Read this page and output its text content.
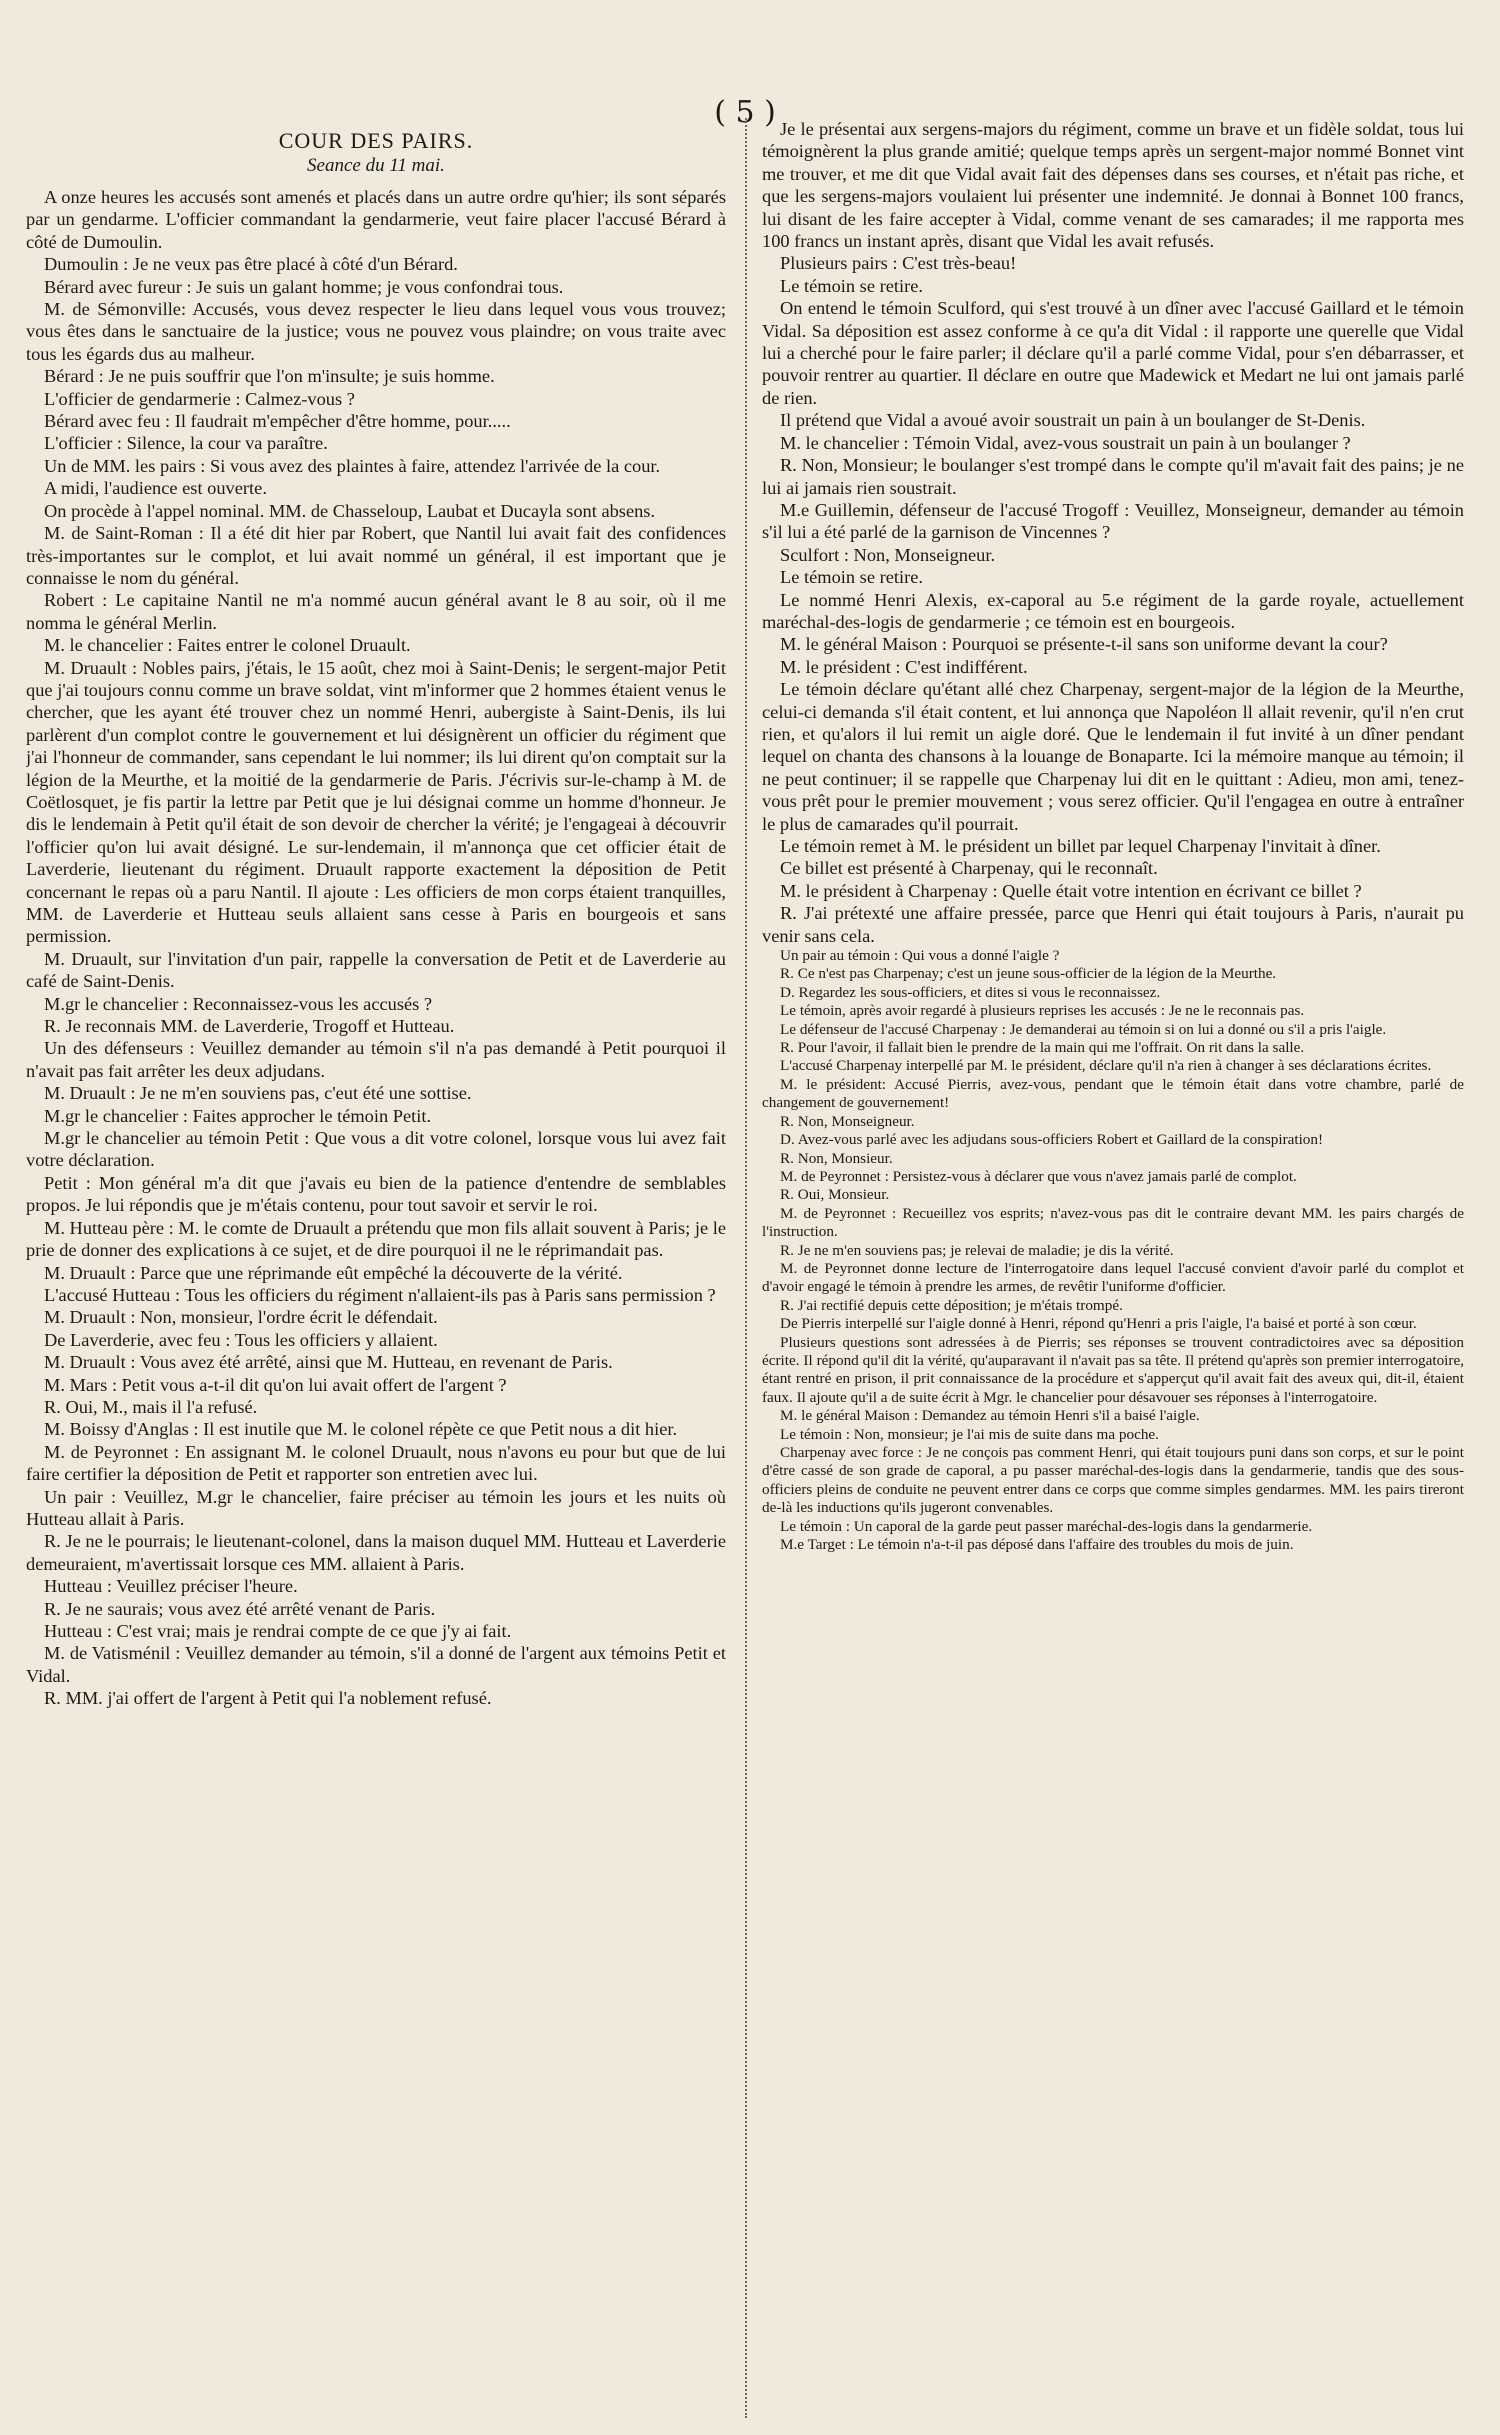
( 5 )
COUR DES PAIRS.
Seance du 11 mai.

A onze heures les accusés sont amenés et placés dans un autre ordre qu'hier; ils sont séparés par un gendarme. L'officier commandant la gendarmerie, veut faire placer l'accusé Bérard à côté de Dumoulin.

Dumoulin : Je ne veux pas être placé à côté d'un Bérard.

Bérard avec fureur : Je suis un galant homme; je vous confondrai tous.

M. de Sémonville: Accusés, vous devez respecter le lieu dans lequel vous vous trouvez; vous êtes dans le sanctuaire de la justice; vous ne pouvez vous plaindre; on vous traite avec tous les égards dus au malheur.

Bérard : Je ne puis souffrir que l'on m'insulte; je suis homme.

L'officier de gendarmerie : Calmez-vous ?

Bérard avec feu : Il faudrait m'empêcher d'être homme, pour.....

L'officier : Silence, la cour va paraître.

Un de MM. les pairs : Si vous avez des plaintes à faire, attendez l'arrivée de la cour.

A midi, l'audience est ouverte.

On procède à l'appel nominal. MM. de Chasseloup, Laubat et Ducayla sont absens.

M. de Saint-Roman : Il a été dit hier par Robert, que Nantil lui avait fait des confidences très-importantes sur le complot, et lui avait nommé un général, il est important que je connaisse le nom du général.

Robert : Le capitaine Nantil ne m'a nommé aucun général avant le 8 au soir, où il me nomma le général Merlin.

M. le chancelier : Faites entrer le colonel Druault.

M. Druault : Nobles pairs, j'étais, le 15 août, chez moi à Saint-Denis; le sergent-major Petit que j'ai toujours connu comme un brave soldat, vint m'informer que 2 hommes étaient venus le chercher, que les ayant été trouver chez un nommé Henri, aubergiste à Saint-Denis, ils lui parlèrent d'un complot contre le gouvernement et lui désignèrent un officier du régiment que j'ai l'honneur de commander, sans cependant le lui nommer; ils lui dirent qu'on comptait sur la légion de la Meurthe, et la moitié de la gendarmerie de Paris. J'écrivis sur-le-champ à M. de Coëtlosquet, je fis partir la lettre par Petit que je lui désignai comme un homme d'honneur. Je dis le lendemain à Petit qu'il était de son devoir de chercher la vérité; je l'engageai à découvrir l'officier qu'on lui avait désigné. Le sur-lendemain, il m'annonça que cet officier était de Laverderie, lieutenant du régiment. Druault rapporte exactement la déposition de Petit concernant le repas où a paru Nantil. Il ajoute : Les officiers de mon corps étaient tranquilles, MM. de Laverderie et Hutteau seuls allaient sans cesse à Paris en bourgeois et sans permission.

M. Druault, sur l'invitation d'un pair, rappelle la conversation de Petit et de Laverderie au café de Saint-Denis.

M.gr le chancelier : Reconnaissez-vous les accusés ?

R. Je reconnais MM. de Laverderie, Trogoff et Hutteau.

Un des défenseurs : Veuillez demander au témoin s'il n'a pas demandé à Petit pourquoi il n'avait pas fait arrêter les deux adjudans.

M. Druault : Je ne m'en souviens pas, c'eut été une sottise.

M.gr le chancelier : Faites approcher le témoin Petit.

M.gr le chancelier au témoin Petit : Que vous a dit votre colonel, lorsque vous lui avez fait votre déclaration.

Petit : Mon général m'a dit que j'avais eu bien de la patience d'entendre de semblables propos. Je lui répondis que je m'étais contenu, pour tout savoir et servir le roi.

M. Hutteau père : M. le comte de Druault a prétendu que mon fils allait souvent à Paris; je le prie de donner des explications à ce sujet, et de dire pourquoi il ne le réprimandait pas.

M. Druault : Parce que une réprimande eût empêché la découverte de la vérité.

L'accusé Hutteau : Tous les officiers du régiment n'allaient-ils pas à Paris sans permission ?

M. Druault : Non, monsieur, l'ordre écrit le défendait.

De Laverderie, avec feu : Tous les officiers y allaient.

M. Druault : Vous avez été arrêté, ainsi que M. Hutteau, en revenant de Paris.

M. Mars : Petit vous a-t-il dit qu'on lui avait offert de l'argent ?

R. Oui, M., mais il l'a refusé.

M. Boissy d'Anglas : Il est inutile que M. le colonel répète ce que Petit nous a dit hier.

M. de Peyronnet : En assignant M. le colonel Druault, nous n'avons eu pour but que de lui faire certifier la déposition de Petit et rapporter son entretien avec lui.

Un pair : Veuillez, M.gr le chancelier, faire préciser au témoin les jours et les nuits où Hutteau allait à Paris.

R. Je ne le pourrais; le lieutenant-colonel, dans la maison duquel MM. Hutteau et Laverderie demeuraient, m'avertissait lorsque ces MM. allaient à Paris.

Hutteau : Veuillez préciser l'heure.

R. Je ne saurais; vous avez été arrêté venant de Paris.

Hutteau : C'est vrai; mais je rendrai compte de ce que j'y ai fait.

M. de Vatisménil : Veuillez demander au témoin, s'il a donné de l'argent aux témoins Petit et Vidal.

R. MM. j'ai offert de l'argent à Petit qui l'a noblement refusé.

Je le présentai aux sergens-majors du régiment, comme un brave et un fidèle soldat, tous lui témoignèrent la plus grande amitié; quelque temps après un sergent-major nommé Bonnet vint me trouver, et me dit que Vidal avait fait des dépenses dans ses courses, et n'était pas riche, et que les sergens-majors voulaient lui présenter une indemnité. Je donnai à Bonnet 100 francs, lui disant de les faire accepter à Vidal, comme venant de ses camarades; il me rapporta mes 100 francs un instant après, disant que Vidal les avait refusés.

Plusieurs pairs : C'est très-beau!

Le témoin se retire.

On entend le témoin Sculford, qui s'est trouvé à un dîner avec l'accusé Gaillard et le témoin Vidal. Sa déposition est assez conforme à ce qu'a dit Vidal : il rapporte une querelle que Vidal lui a cherché pour le faire parler; il déclare qu'il a parlé comme Vidal, pour s'en débarrasser, et pouvoir rentrer au quartier. Il déclare en outre que Madewick et Medart ne lui ont jamais parlé de rien.

Il prétend que Vidal a avoué avoir soustrait un pain à un boulanger de St-Denis.

M. le chancelier : Témoin Vidal, avez-vous soustrait un pain à un boulanger ?

R. Non, Monsieur; le boulanger s'est trompé dans le compte qu'il m'avait fait des pains; je ne lui ai jamais rien soustrait.

M.e Guillemin, défenseur de l'accusé Trogoff : Veuillez, Monseigneur, demander au témoin s'il lui a été parlé de la garnison de Vincennes ?

Sculfort : Non, Monseigneur.

Le témoin se retire.

Le nommé Henri Alexis, ex-caporal au 5.e régiment de la garde royale, actuellement maréchal-des-logis de gendarmerie ; ce témoin est en bourgeois.

M. le général Maison : Pourquoi se présente-t-il sans son uniforme devant la cour?

M. le président : C'est indifférent.

Le témoin déclare qu'étant allé chez Charpenay, sergent-major de la légion de la Meurthe, celui-ci demanda s'il était content, et lui annonça que Napoléon ll allait revenir, qu'il n'en crut rien, et qu'alors il lui remit un aigle doré. Que le lendemain il fut invité à un dîner pendant lequel on chanta des chansons à la louange de Bonaparte. Ici la mémoire manque au témoin; il ne peut continuer; il se rappelle que Charpenay lui dit en le quittant : Adieu, mon ami, tenez-vous prêt pour le premier mouvement ; vous serez officier. Qu'il l'engagea en outre à entraîner le plus de camarades qu'il pourrait.

Le témoin remet à M. le président un billet par lequel Charpenay l'invitait à dîner.

Ce billet est présenté à Charpenay, qui le reconnaît.

M. le président à Charpenay : Quelle était votre intention en écrivant ce billet ?

R. J'ai prétexté une affaire pressée, parce que Henri qui était toujours à Paris, n'aurait pu venir sans cela.

Un pair au témoin : Qui vous a donné l'aigle ?

R. Ce n'est pas Charpenay; c'est un jeune sous-officier de la légion de la Meurthe.

D. Regardez les sous-officiers, et dites si vous le reconnaissez.

Le témoin, après avoir regardé à plusieurs reprises les accusés : Je ne le reconnais pas.

Le défenseur de l'accusé Charpenay : Je demanderai au témoin si on lui a donné ou s'il a pris l'aigle.

R. Pour l'avoir, il fallait bien le prendre de la main qui me l'offrait. On rit dans la salle.

L'accusé Charpenay interpellé par M. le président, déclare qu'il n'a rien à changer à ses déclarations écrites.

M. le président: Accusé Pierris, avez-vous, pendant que le témoin était dans votre chambre, parlé de changement de gouvernement!

R. Non, Monseigneur.

D. Avez-vous parlé avec les adjudans sous-officiers Robert et Gaillard de la conspiration!

R. Non, Monsieur.

M. de Peyronnet : Persistez-vous à déclarer que vous n'avez jamais parlé de complot.

R. Oui, Monsieur.

M. de Peyronnet : Recueillez vos esprits; n'avez-vous pas dit le contraire devant MM. les pairs chargés de l'instruction.

R. Je ne m'en souviens pas; je relevai de maladie; je dis la vérité.

M. de Peyronnet donne lecture de l'interrogatoire dans lequel l'accusé convient d'avoir parlé du complot et d'avoir engagé le témoin à prendre les armes, de revêtir l'uniforme d'officier.

R. J'ai rectifié depuis cette déposition; je m'étais trompé.

De Pierris interpellé sur l'aigle donné à Henri, répond qu'Henri a pris l'aigle, l'a baisé et porté à son cœur.

Plusieurs questions sont adressées à de Pierris; ses réponses se trouvent contradictoires avec sa déposition écrite. Il répond qu'il dit la vérité, qu'auparavant il n'avait pas sa tête. Il prétend qu'après son premier interrogatoire, étant rentré en prison, il prit connaissance de la procédure et s'apperçut qu'il avait fait des aveux qui, dit-il, étaient faux. Il ajoute qu'il a de suite écrit à Mgr. le chancelier pour désavouer ses réponses à l'interrogatoire.

M. le général Maison : Demandez au témoin Henri s'il a baisé l'aigle.

Le témoin : Non, monsieur; je l'ai mis de suite dans ma poche.

Charpenay avec force : Je ne conçois pas comment Henri, qui était toujours puni dans son corps, et sur le point d'être cassé de son grade de caporal, a pu passer maréchal-des-logis dans la gendarmerie, tandis que des sous-officiers pleins de conduite ne peuvent entrer dans ce corps que comme simples gendarmes. MM. les pairs tireront de-là les inductions qu'ils jugeront convenables.

Le témoin : Un caporal de la garde peut passer maréchal-des-logis dans la gendarmerie.

M.e Target : Le témoin n'a-t-il pas déposé dans l'affaire des troubles du mois de juin.
